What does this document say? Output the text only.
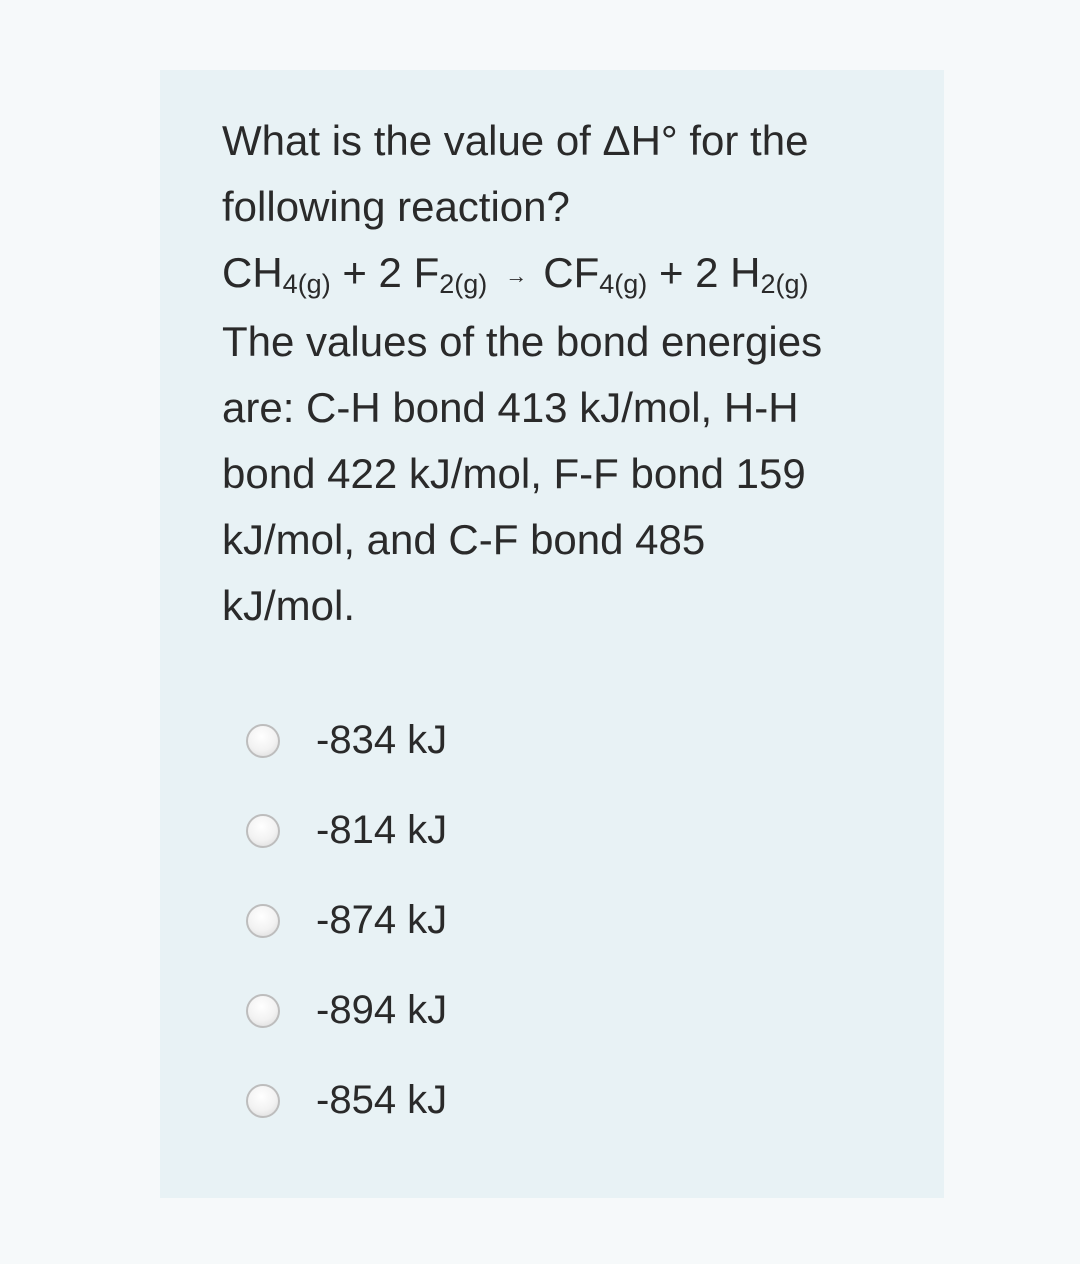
What is the value of ΔH° for the
following reaction?
$CH_{4(g)} + 2$ $F_{2(g)} \to CF_{4(g)} + 2$ $H_{2(g)}$
The values of the bond energies
are: C-H bond 413 kJ/mol, H-H
bond 422 kJ/mol, F-F bond 159
kJ/mol, and C-F bond 485
kJ/mol.
-834 kJ
-814 kJ
-874 kJ
-894 kJ
-854 kJ
